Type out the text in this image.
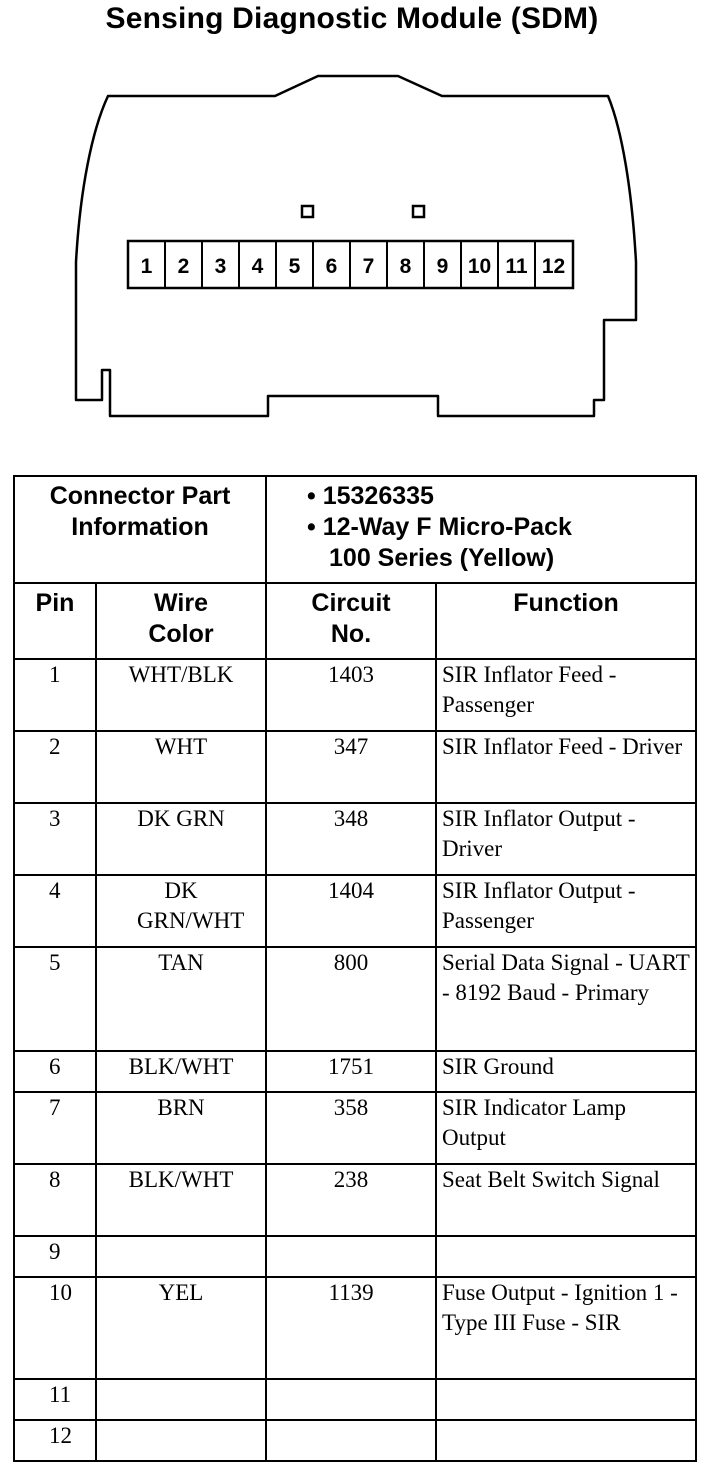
Sensing Diagnostic Module (SDM)
1 2 3 4 5 6 7 8 9 10 11 12
Connector Part Information		• 15326335
• 12-Way F Micro-Pack
100 Series (Yellow)	

Pin	Wire Color	Circuit No.	Function
1	WHT/BLK	1403	SIR Inflator Feed - Passenger
2	WHT	347	SIR Inflator Feed - Driver
3	DK GRN	348	SIR Inflator Output - Driver
4	DK GRN/WHT	1404	SIR Inflator Output - Passenger
5	TAN	800	Serial Data Signal - UART - 8192 Baud - Primary
6	BLK/WHT	1751	SIR Ground
7	BRN	358	SIR Indicator Lamp Output
8	BLK/WHT	238	Seat Belt Switch Signal
9			
10	YEL	1139	Fuse Output - Ignition 1 - Type III Fuse - SIR
11			
12			
